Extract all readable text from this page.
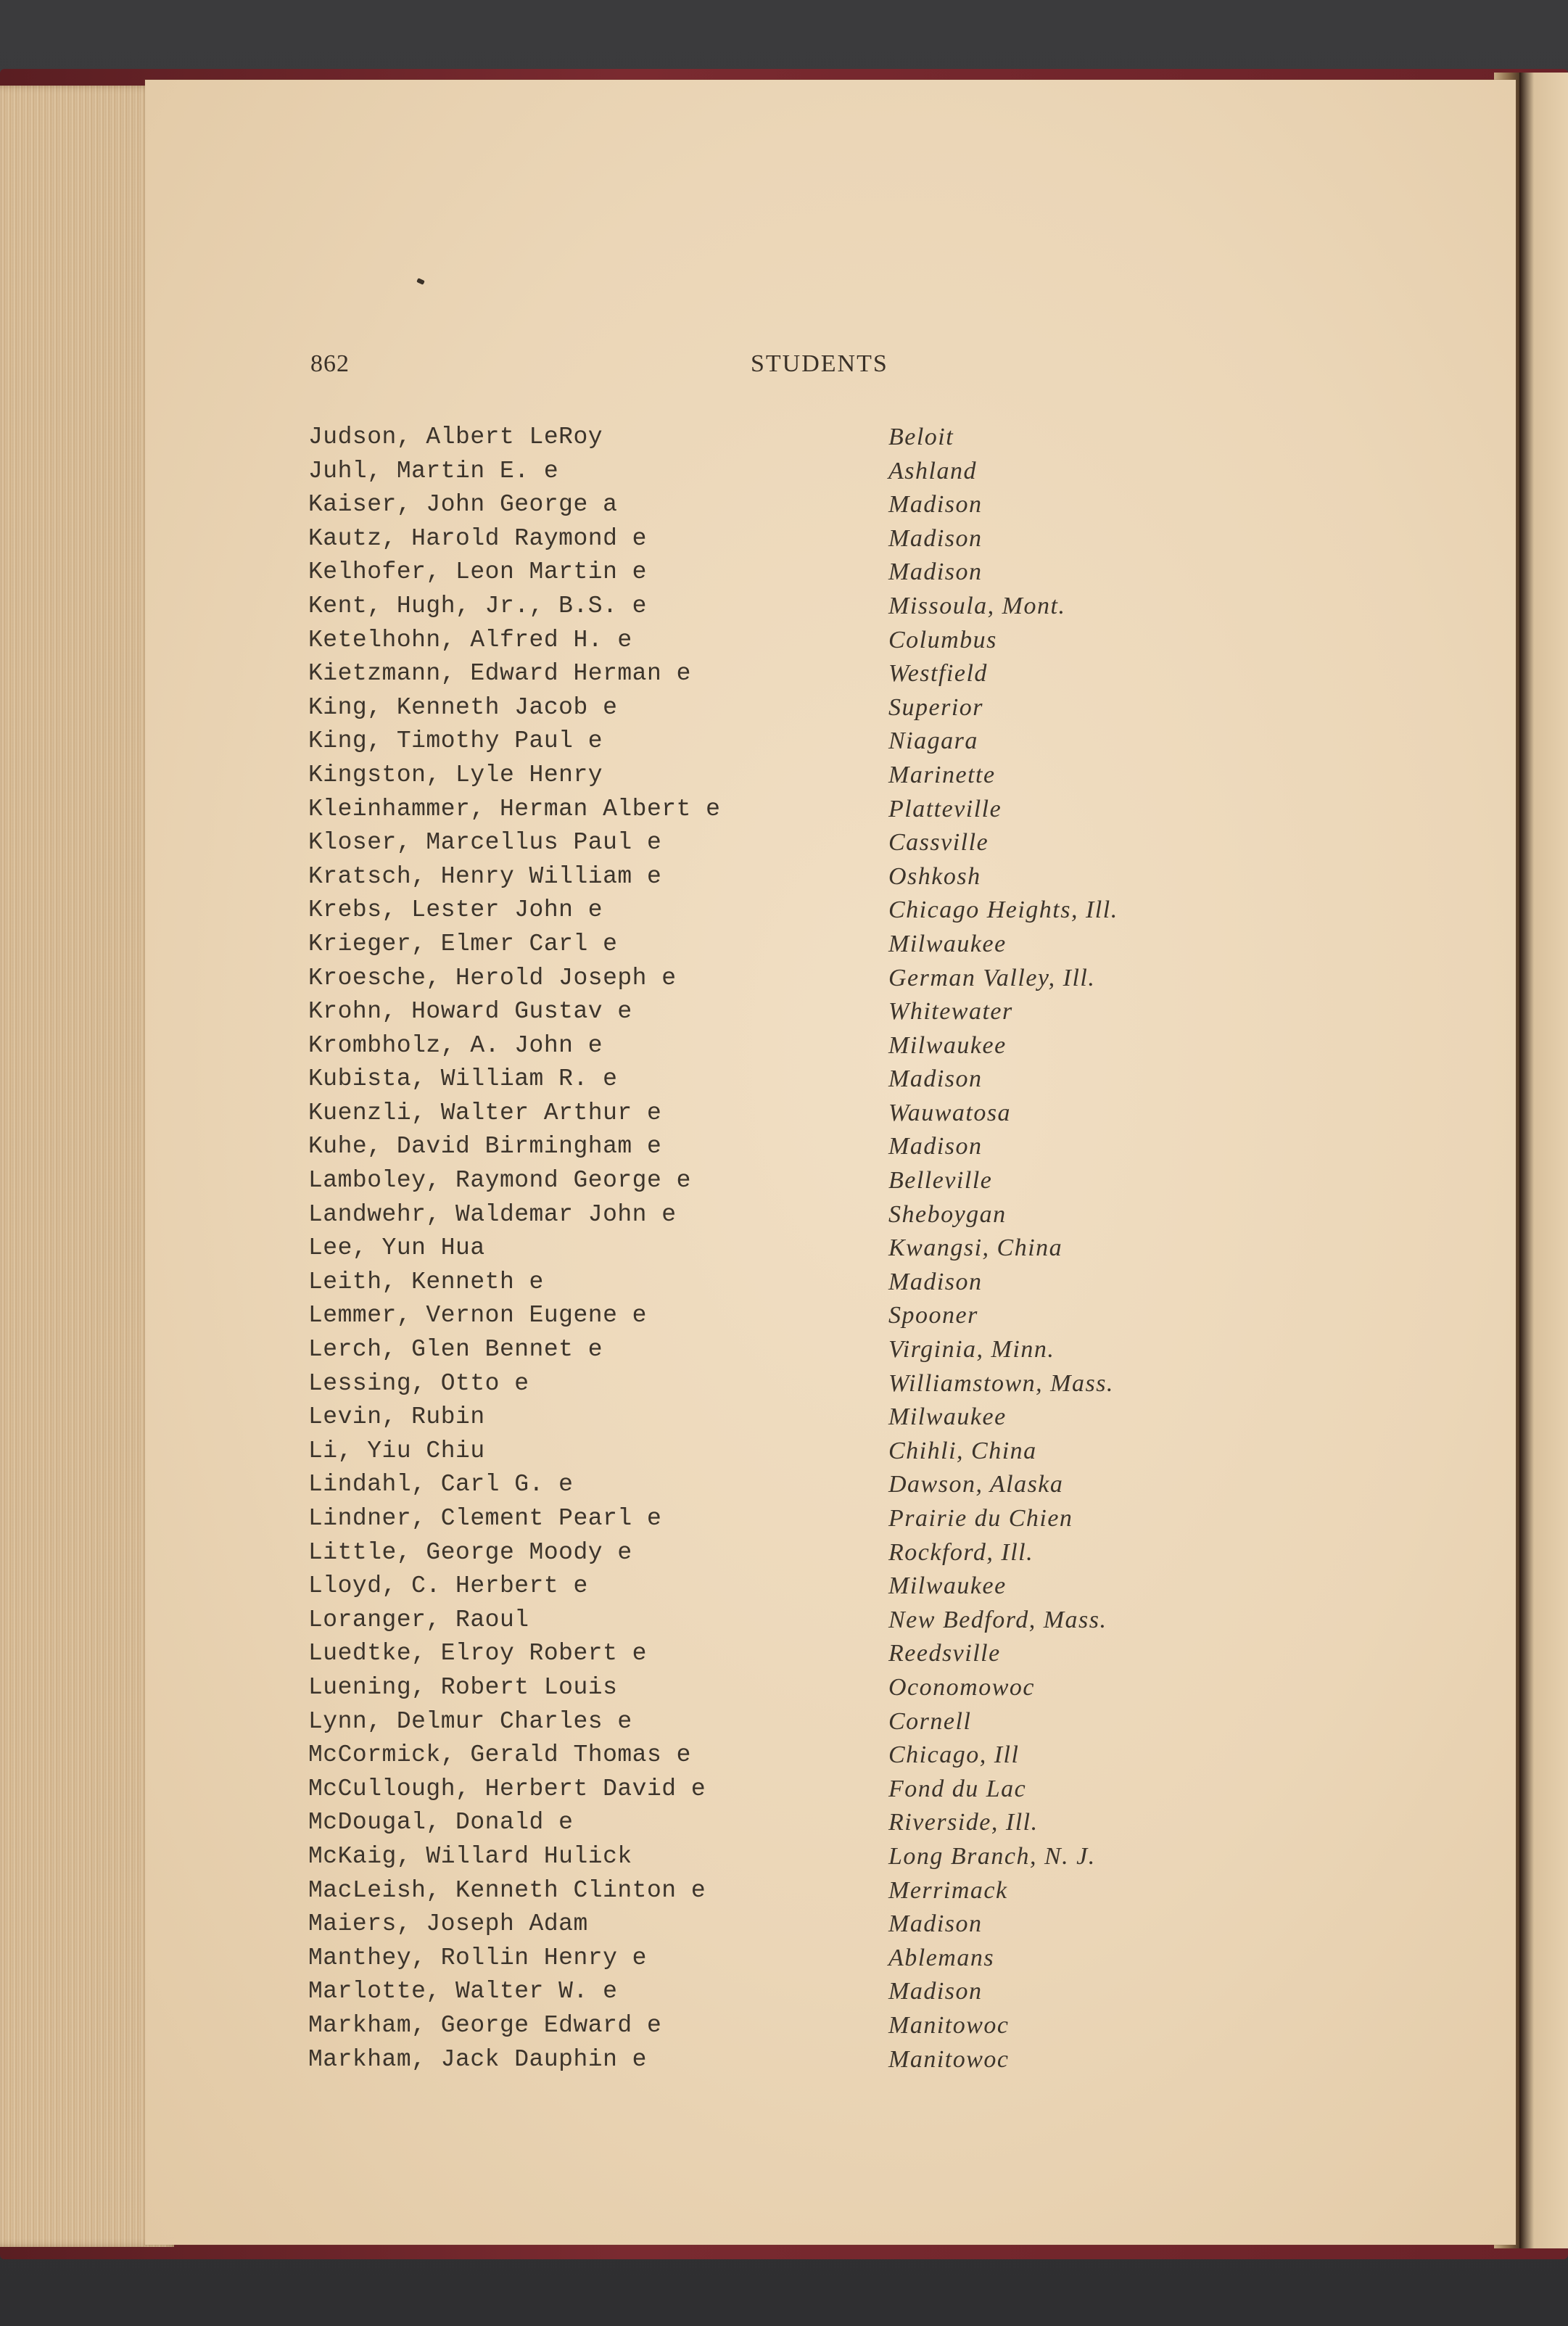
862	STUDENTS
Judson, Albert LeRoy	Beloit
Juhl, Martin E. e	Ashland
Kaiser, John George a	Madison
Kautz, Harold Raymond e	Madison
Kelhofer, Leon Martin e	Madison
Kent, Hugh, Jr., B.S. e	Missoula, Mont.
Ketelhohn, Alfred H. e	Columbus
Kietzmann, Edward Herman e	Westfield
King, Kenneth Jacob e	Superior
King, Timothy Paul e	Niagara
Kingston, Lyle Henry	Marinette
Kleinhammer, Herman Albert e	Platteville
Kloser, Marcellus Paul e	Cassville
Kratsch, Henry William e	Oshkosh
Krebs, Lester John e	Chicago Heights, Ill.
Krieger, Elmer Carl e	Milwaukee
Kroesche, Herold Joseph e	German Valley, Ill.
Krohn, Howard Gustav e	Whitewater
Krombholz, A. John e	Milwaukee
Kubista, William R. e	Madison
Kuenzli, Walter Arthur e	Wauwatosa
Kuhe, David Birmingham e	Madison
Lamboley, Raymond George e	Belleville
Landwehr, Waldemar John e	Sheboygan
Lee, Yun Hua	Kwangsi, China
Leith, Kenneth e	Madison
Lemmer, Vernon Eugene e	Spooner
Lerch, Glen Bennet e	Virginia, Minn.
Lessing, Otto e	Williamstown, Mass.
Levin, Rubin	Milwaukee
Li, Yiu Chiu	Chihli, China
Lindahl, Carl G. e	Dawson, Alaska
Lindner, Clement Pearl e	Prairie du Chien
Little, George Moody e	Rockford, Ill.
Lloyd, C. Herbert e	Milwaukee
Loranger, Raoul	New Bedford, Mass.
Luedtke, Elroy Robert e	Reedsville
Luening, Robert Louis	Oconomowoc
Lynn, Delmur Charles e	Cornell
McCormick, Gerald Thomas e	Chicago, Ill
McCullough, Herbert David e	Fond du Lac
McDougal, Donald e	Riverside, Ill.
McKaig, Willard Hulick	Long Branch, N. J.
MacLeish, Kenneth Clinton e	Merrimack
Maiers, Joseph Adam	Madison
Manthey, Rollin Henry e	Ablemans
Marlotte, Walter W. e	Madison
Markham, George Edward e	Manitowoc
Markham, Jack Dauphin e	Manitowoc
